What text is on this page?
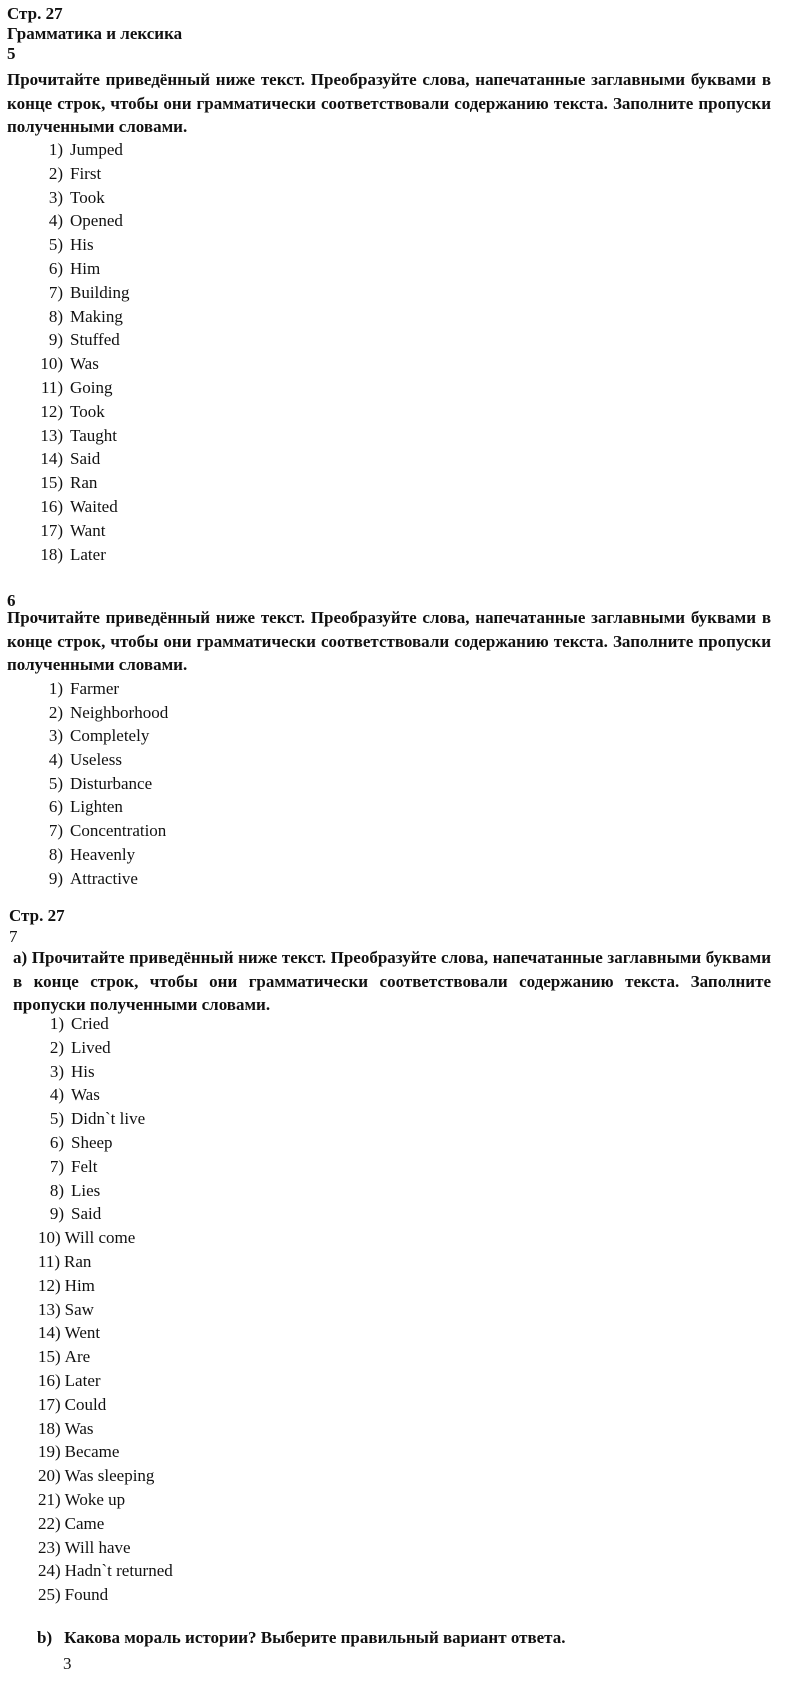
Стр. 27
Грамматика и лексика
5
Прочитайте приведённый ниже текст. Преобразуйте слова, напечатанные заглавными буквами в конце строк, чтобы они грамматически соответствовали содержанию текста. Заполните пропуски полученными словами.
1) Jumped
2) First
3) Took
4) Opened
5) His
6) Him
7) Building
8) Making
9) Stuffed
10) Was
11) Going
12) Took
13) Taught
14) Said
15) Ran
16) Waited
17) Want
18) Later
6
Прочитайте приведённый ниже текст. Преобразуйте слова, напечатанные заглавными буквами в конце строк, чтобы они грамматически соответствовали содержанию текста. Заполните пропуски полученными словами.
1) Farmer
2) Neighborhood
3) Completely
4) Useless
5) Disturbance
6) Lighten
7) Concentration
8) Heavenly
9) Attractive
Стр. 27
7
а) Прочитайте приведённый ниже текст. Преобразуйте слова, напечатанные заглавными буквами в конце строк, чтобы они грамматически соответствовали содержанию текста. Заполните пропуски полученными словами.
1) Cried
2) Lived
3) His
4) Was
5) Didn`t live
6) Sheep
7) Felt
8) Lies
9) Said
10) Will come
11) Ran
12) Him
13) Saw
14) Went
15) Are
16) Later
17) Could
18) Was
19) Became
20) Was sleeping
21) Woke up
22) Came
23) Will have
24) Hadn`t returned
25) Found
b) Какова мораль истории? Выберите правильный вариант ответа.
3
